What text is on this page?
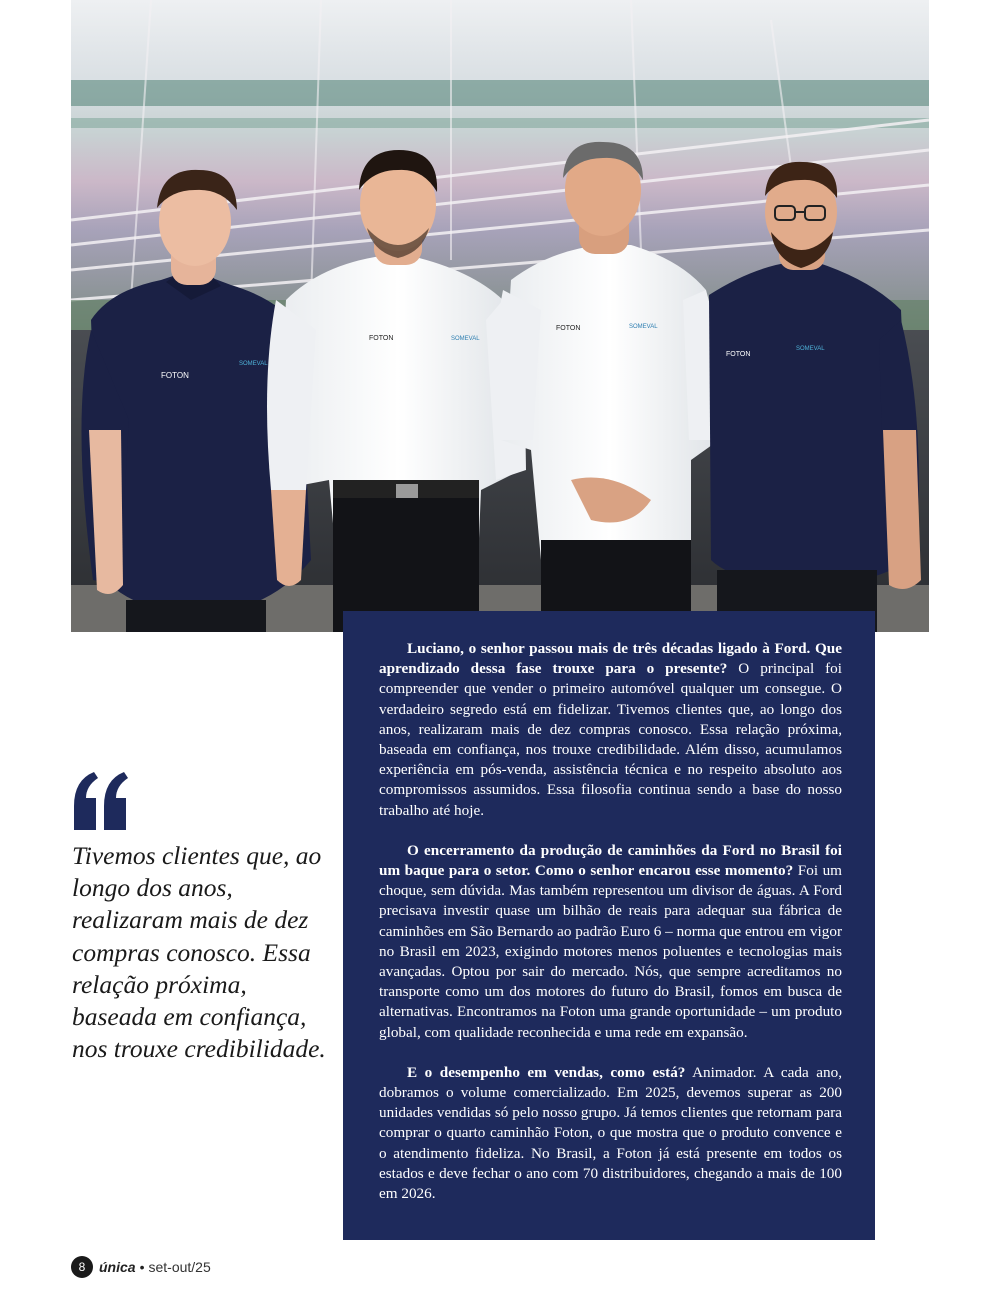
FOTON
SOMEVAL
FOTON	SOMEVAL
FOTON	SOMEVAL
FOTON
SOMEVAL

Tivemos clientes que, ao longo dos anos, realizaram mais de dez compras conosco. Essa relação próxima, baseada em confiança, nos trouxe credibilidade.

Luciano, o senhor passou mais de três décadas ligado à Ford. Que aprendizado dessa fase trouxe para o presente? O principal foi compreender que vender o primeiro automóvel qualquer um consegue. O verdadeiro segredo está em fidelizar. Tivemos clientes que, ao longo dos anos, realizaram mais de dez compras conosco. Essa relação próxima, baseada em confiança, nos trouxe credibilidade. Além disso, acumulamos experiência em pós-venda, assistência técnica e no respeito absoluto aos compromissos assumidos. Essa filosofia continua sendo a base do nosso trabalho até hoje.

O encerramento da produção de caminhões da Ford no Brasil foi um baque para o setor. Como o senhor encarou esse momento? Foi um choque, sem dúvida. Mas também representou um divisor de águas. A Ford precisava investir quase um bilhão de reais para adequar sua fábrica de caminhões em São Bernardo ao padrão Euro 6 – norma que entrou em vigor no Brasil em 2023, exigindo motores menos poluentes e tecnologias mais avançadas. Optou por sair do mercado. Nós, que sempre acreditamos no transporte como um dos motores do futuro do Brasil, fomos em busca de alternativas. Encontramos na Foton uma grande oportunidade – um produto global, com qualidade reconhecida e uma rede em expansão.

E o desempenho em vendas, como está? Animador. A cada ano, dobramos o volume comercializado. Em 2025, devemos superar as 200 unidades vendidas só pelo nosso grupo. Já temos clientes que retornam para comprar o quarto caminhão Foton, o que mostra que o produto convence e o atendimento fideliza. No Brasil, a Foton já está presente em todos os estados e deve fechar o ano com 70 distribuidores, chegando a mais de 100 em 2026.

8 única • set-out/25
